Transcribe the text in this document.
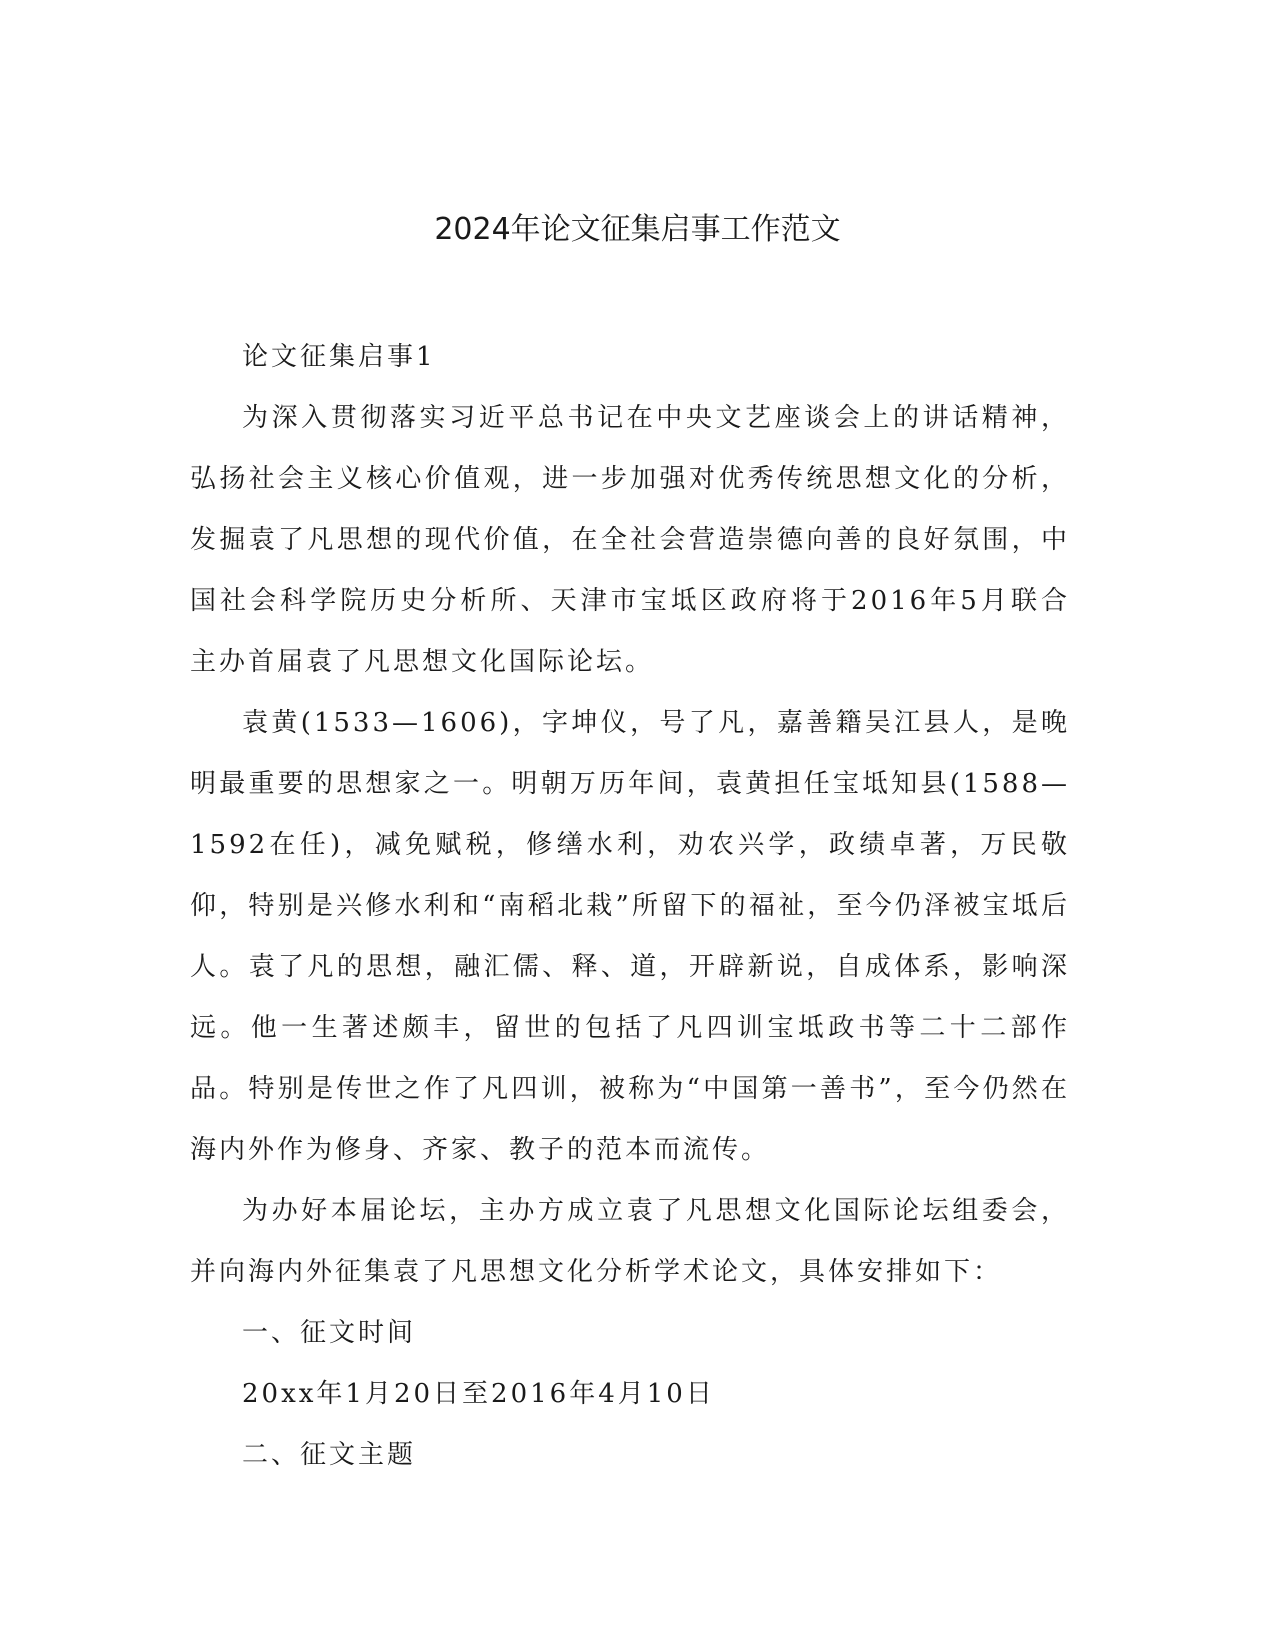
2024年论文征集启事工作范文

论文征集启事1

为深入贯彻落实习近平总书记在中央文艺座谈会上的讲话精神，弘扬社会主义核心价值观，进一步加强对优秀传统思想文化的分析，发掘袁了凡思想的现代价值，在全社会营造崇德向善的良好氛围，中国社会科学院历史分析所、天津市宝坻区政府将于2016年5月联合主办首届袁了凡思想文化国际论坛。

袁黄(1533—1606)，字坤仪，号了凡，嘉善籍吴江县人，是晚明最重要的思想家之一。明朝万历年间，袁黄担任宝坻知县(1588—1592在任)，减免赋税，修缮水利，劝农兴学，政绩卓著，万民敬仰，特别是兴修水利和“南稻北栽”所留下的福祉，至今仍泽被宝坻后人。袁了凡的思想，融汇儒、释、道，开辟新说，自成体系，影响深远。他一生著述颇丰，留世的包括了凡四训宝坻政书等二十二部作品。特别是传世之作了凡四训，被称为“中国第一善书”，至今仍然在海内外作为修身、齐家、教子的范本而流传。

为办好本届论坛，主办方成立袁了凡思想文化国际论坛组委会，并向海内外征集袁了凡思想文化分析学术论文，具体安排如下：

一、征文时间

20xx年1月20日至2016年4月10日

二、征文主题
